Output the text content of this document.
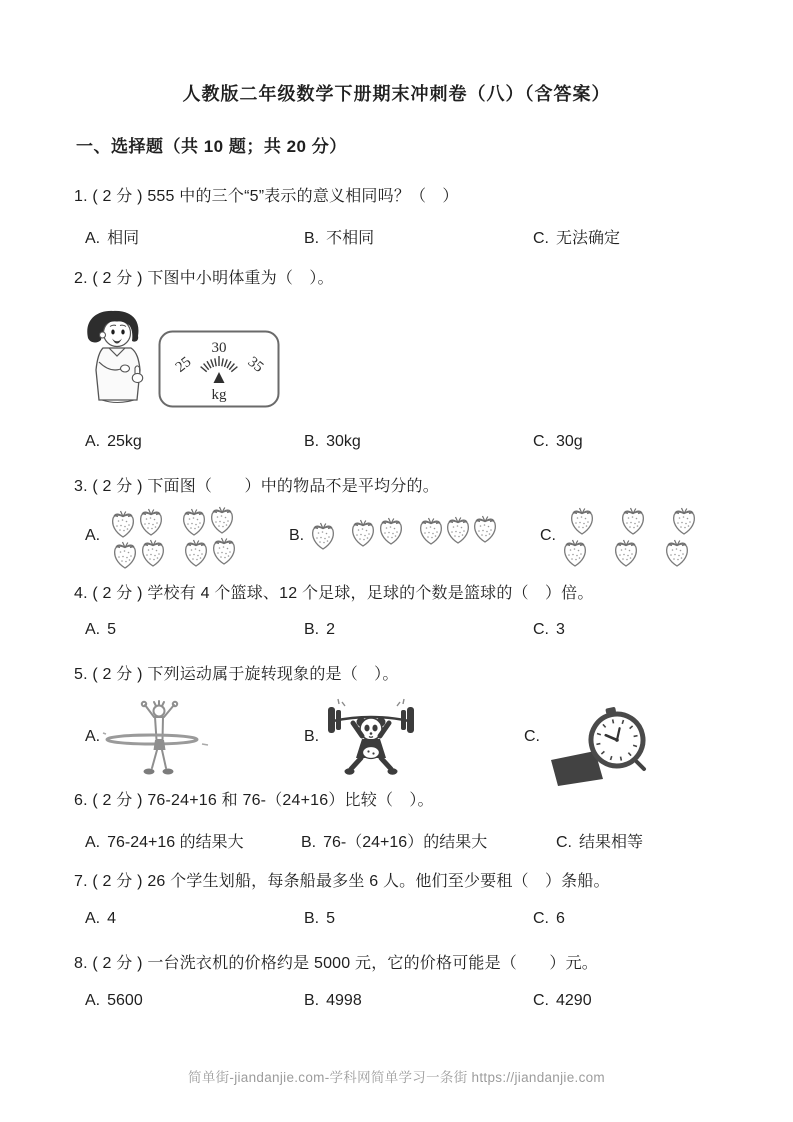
人教版二年级数学下册期末冲刺卷（八）（含答案）
一、选择题（共 10 题；共 20 分）
1. ( 2 分 ) 555 中的三个“5”表示的意义相同吗？（　）
A. 相同	B. 不相同	C. 无法确定
2. ( 2 分 ) 下图中小明体重为（　）。
30
25	35
kg
A. 25kg	B. 30kg	C. 30g
3. ( 2 分 ) 下面图（　　）中的物品不是平均分的。
A.	B.	C.
4. ( 2 分 ) 学校有 4 个篮球、12 个足球，足球的个数是篮球的（　）倍。
A. 5	B. 2	C. 3
5. ( 2 分 ) 下列运动属于旋转现象的是（　）。
A.	B.	C.
6. ( 2 分 ) 76-24+16 和 76-（24+16）比较（　）。
A. 76-24+16 的结果大	B. 76-（24+16）的结果大	C. 结果相等
7. ( 2 分 ) 26 个学生划船，每条船最多坐 6 人。他们至少要租（　）条船。
A. 4	B. 5	C. 6
8. ( 2 分 ) 一台洗衣机的价格约是 5000 元，它的价格可能是（　　）元。
A. 5600	B. 4998	C. 4290
简单街-jiandanjie.com-学科网简单学习一条街 https://jiandanjie.com
